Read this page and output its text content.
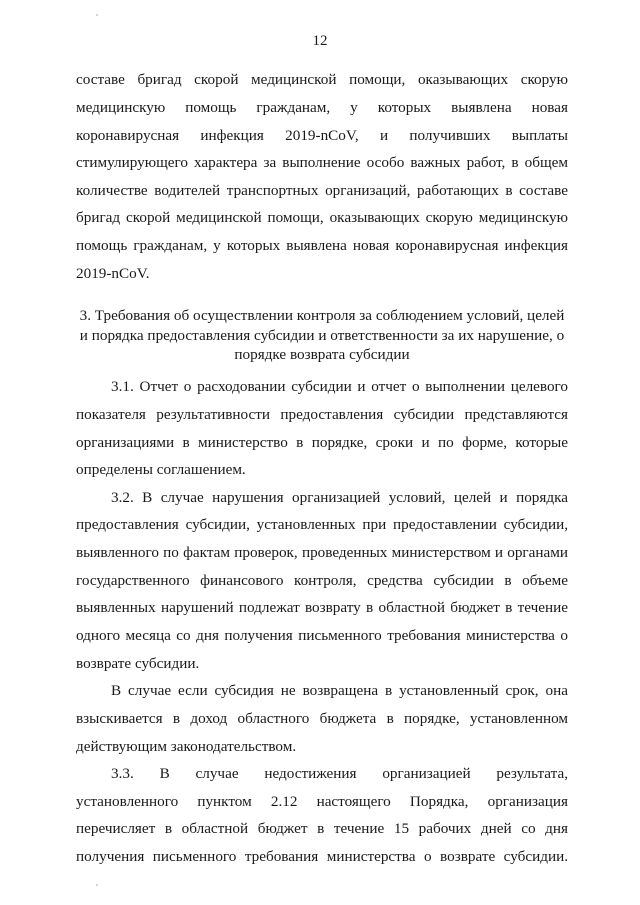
12
составе бригад скорой медицинской помощи, оказывающих скорую
медицинскую помощь гражданам, у которых выявлена новая
коронавирусная инфекция 2019-nCoV, и получивших выплаты
стимулирующего характера за выполнение особо важных работ, в общем
количестве водителей транспортных организаций, работающих в составе
бригад скорой медицинской помощи, оказывающих скорую медицинскую
помощь гражданам, у которых выявлена новая коронавирусная инфекция
2019-nCoV.
3. Требования об осуществлении контроля за соблюдением условий, целей
и порядка предоставления субсидии и ответственности за их нарушение, о
порядке возврата субсидии
3.1. Отчет о расходовании субсидии и отчет о выполнении целевого
показателя результативности предоставления субсидии представляются
организациями в министерство в порядке, сроки и по форме, которые
определены соглашением.
3.2. В случае нарушения организацией условий, целей и порядка
предоставления субсидии, установленных при предоставлении субсидии,
выявленного по фактам проверок, проведенных министерством и органами
государственного финансового контроля, средства субсидии в объеме
выявленных нарушений подлежат возврату в областной бюджет в течение
одного месяца со дня получения письменного требования министерства о
возврате субсидии.
В случае если субсидия не возвращена в установленный срок, она
взыскивается в доход областного бюджета в порядке, установленном
действующим законодательством.
3.3. В случае недостижения организацией результата,
установленного пунктом 2.12 настоящего Порядка, организация
перечисляет в областной бюджет в течение 15 рабочих дней со дня
получения письменного требования министерства о возврате субсидии.
